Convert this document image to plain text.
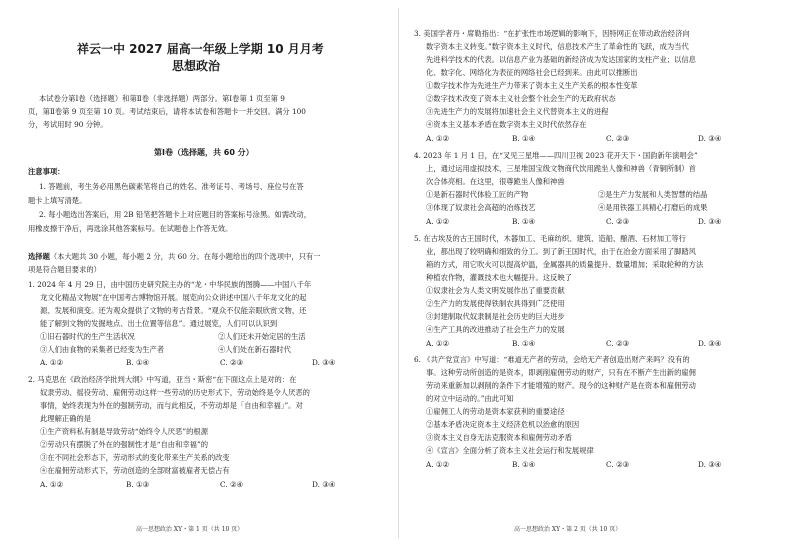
祥云一中 2027 届高一年级上学期 10 月月考
思想政治
本试卷分第Ⅰ卷（选择题）和第Ⅱ卷（非选择题）两部分。第Ⅰ卷第 1 页至第 9
页，第Ⅱ卷第 9 页至第 10 页。考试结束后，请将本试卷和答题卡一并交回。满分 100
分，考试用时 90 分钟。
第Ⅰ卷（选择题，共 60 分）
注意事项：
1. 答题前，考生务必用黑色碳素笔将自己的姓名、准考证号、考场号、座位号在答
题卡上填写清楚。
2. 每小题选出答案后，用 2B 铅笔把答题卡上对应题目的答案标号涂黑。如需改动，
用橡皮擦干净后，再选涂其他答案标号。在试题卷上作答无效。
选择题（本大题共 30 小题，每小题 2 分，共 60 分。在每小题给出的四个选项中，只有一
项是符合题目要求的）
1. 2024 年 4 月 29 日，由中国历史研究院主办的“龙・中华民族的图腾——中国八千年
龙文化精品文物展”在中国考古博物馆开展。展览向公众讲述中国八千年龙文化的起
源、发展和演变。还为观众提供了文物的考古背景。“观众不仅能亲眼欣赏文物，还
能了解到文物的发掘地点、出土位置等信息”。通过展览，人们可以认识到
①旧石器时代的生产生活状况	②人们还未开始定居的生活
③人们由食物的采集者已经变为生产者	④人们处在新石器时代
A. ①②	B. ①④	C. ②③	D. ③④
2. 马克思在《政治经济学批判大纲》中写道，亚当・斯密“在下面这点上是对的：在
奴隶劳动、徭役劳动、雇佣劳动这样一些劳动的历史形式下，劳动始终是令人厌恶的
事情，始终表现为外在的强制劳动，而与此相反，不劳动却是「自由和幸福」”。对
此理解正确的是
①生产资料私有制是导致劳动“始终令人厌恶”的根源
②劳动只有摆脱了外在的强制性才是“自由和幸福”的
③在不同社会形态下，劳动形式的变化带来生产关系的改变
④在雇佣劳动形式下，劳动创造的全部财富被雇者无偿占有
A. ①②	B. ①③	C. ②④	D. ③④
高一思想政治 XY・第 1 页（共 10 页）
3. 美国学者丹・席勒指出：“在扩张性市场逻辑的影响下，因特网正在带动政治经济向
数字资本主义转变。”数字资本主义时代，信息技术产生了革命性的飞跃，成为当代
先进科学技术的代表。以信息产业为基础的新经济成为发达国家的支柱产业；以信息
化、数字化、网络化为表征的网络社会已经到来。由此可以推断出
①数字技术作为先进生产力带来了资本主义生产关系的根本性变革
②数字技术改变了资本主义社会整个社会生产的无政府状态
③先进生产力的发展将加速社会主义代替资本主义的进程
④资本主义基本矛盾在数字资本主义时代依然存在
A. ①②	B. ①④	C. ②③	D. ③④
4. 2023 年 1 月 1 日，在“叉见三星堆——四川卫视 2023 花开天下・国韵新年演唱会”
上，通过运用虚拟技术，三星堆国宝级文物商代饮用跪坐人像和神兽（青铜所制）首
次合体亮相。在这里，很尊跪坐人像和神兽
①是新石器时代体验工匠的产物	②是生产力发展和人类智慧的结晶
③体现了奴隶社会高超的冶炼技艺	④是用铁器工具精心打磨后的成果
A. ①②	B. ①④	C. ②③	D. ③④
5. 在古埃及的古王国时代，木器加工、毛麻纺织、建筑、造船、酿酒、石材加工等行
业，都出现了较明确和细致的分工。到了新王国时代，由于在冶金方面采用了脚踏风
箱的方式，用它吹火可以提高炉温，金属器具的质量提升、数量增加；采取轮种的方法
种植农作物，灌溉技术也大幅提升。这反映了
①奴隶社会为人类文明发展作出了重要贡献
②生产力的发展使得铁制农具得到广泛使用
③封建制取代奴隶制是社会历史的巨大进步
④生产工具的改进推动了社会生产力的发展
A. ①②	B. ①④	C. ②③	D. ③④
6. 《共产党宣言》中写道：“难道无产者的劳动，会给无产者创造出财产来吗？没有的
事。这种劳动所创造的是资本，即剥削雇佣劳动的财产，只有在不断产生出新的雇佣
劳动来重新加以剥削的条件下才能增殖的财产。现今的这种财产是在资本和雇佣劳动
的对立中运动的。”由此可知
①雇佣工人的劳动是资本家获利的重要途径
②基本矛盾决定资本主义经济危机以治愈的原因
③资本主义自身无法克服资本和雇佣劳动矛盾
④《宣言》全面分析了资本主义社会运行和发展规律
A. ①②	B. ①④	C. ②③	D. ③④
高一思想政治 XY・第 2 页（共 10 页）
